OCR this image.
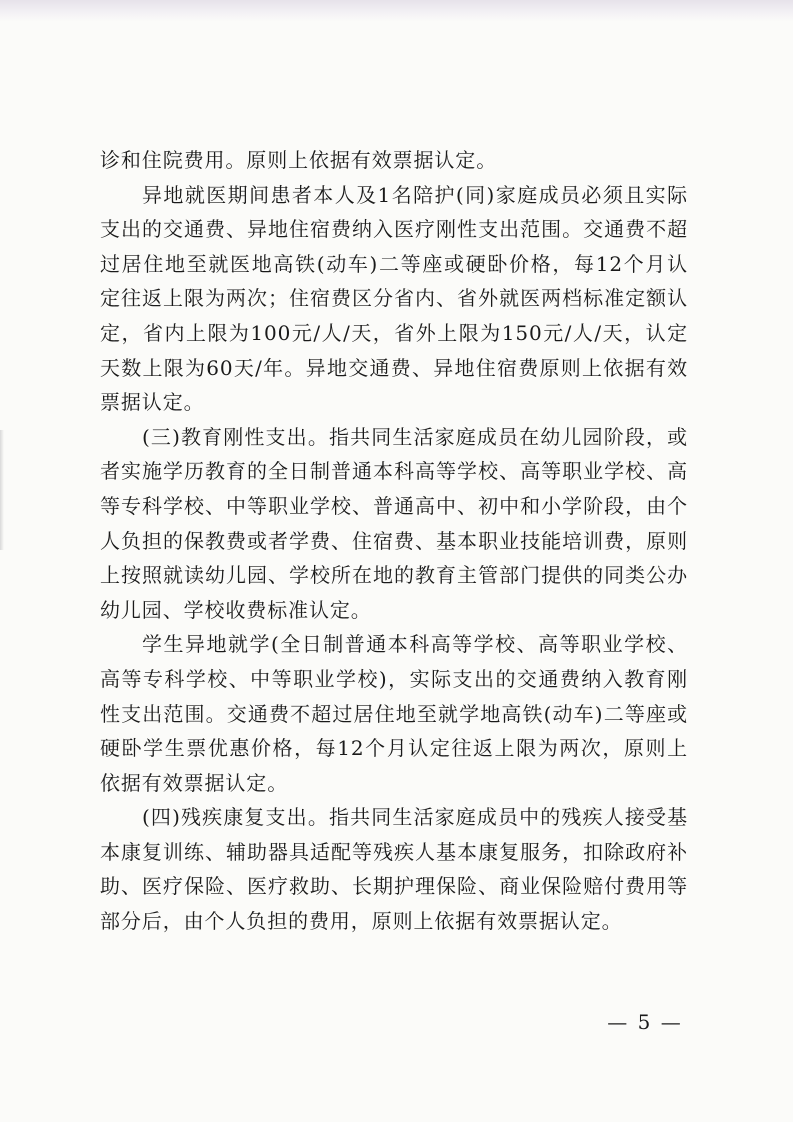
诊和住院费用。原则上依据有效票据认定。

异地就医期间患者本人及1名陪护(同)家庭成员必须且实际支出的交通费、异地住宿费纳入医疗刚性支出范围。交通费不超过居住地至就医地高铁(动车)二等座或硬卧价格，每12个月认定往返上限为两次；住宿费区分省内、省外就医两档标准定额认定，省内上限为100元/人/天，省外上限为150元/人/天，认定天数上限为60天/年。异地交通费、异地住宿费原则上依据有效票据认定。

(三)教育刚性支出。指共同生活家庭成员在幼儿园阶段，或者实施学历教育的全日制普通本科高等学校、高等职业学校、高等专科学校、中等职业学校、普通高中、初中和小学阶段，由个人负担的保教费或者学费、住宿费、基本职业技能培训费，原则上按照就读幼儿园、学校所在地的教育主管部门提供的同类公办幼儿园、学校收费标准认定。

学生异地就学(全日制普通本科高等学校、高等职业学校、高等专科学校、中等职业学校)，实际支出的交通费纳入教育刚性支出范围。交通费不超过居住地至就学地高铁(动车)二等座或硬卧学生票优惠价格，每12个月认定往返上限为两次，原则上依据有效票据认定。

(四)残疾康复支出。指共同生活家庭成员中的残疾人接受基本康复训练、辅助器具适配等残疾人基本康复服务，扣除政府补助、医疗保险、医疗救助、长期护理保险、商业保险赔付费用等部分后，由个人负担的费用，原则上依据有效票据认定。

— 5 —
